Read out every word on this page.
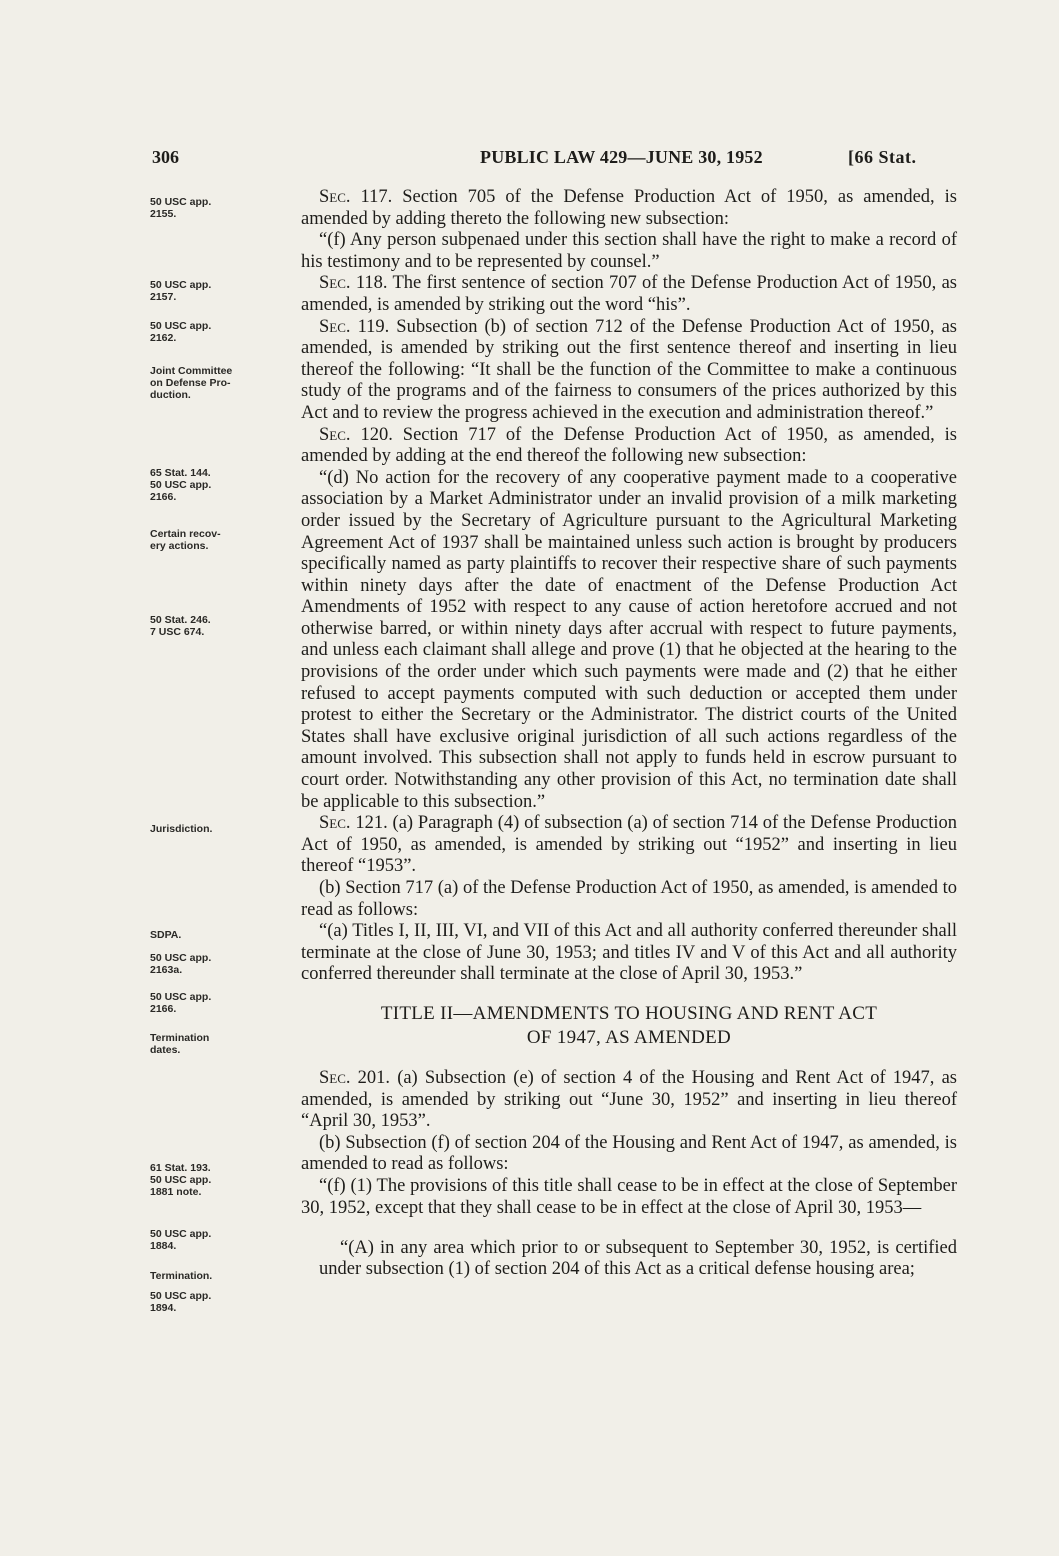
306	PUBLIC LAW 429—JUNE 30, 1952	[66 Stat.
50 USC app.
2155.
50 USC app.
2157.
50 USC app.
2162.
Joint Committee
on Defense Pro-
duction.
65 Stat. 144.
50 USC app.
2166.
Certain recov-
ery actions.
50 Stat. 246.
7 USC 674.
Jurisdiction.
SDPA.
50 USC app.
2163a.
50 USC app.
2166.
Termination
dates.
61 Stat. 193.
50 USC app.
1881 note.
50 USC app.
1884.
Termination.
50 USC app.
1894.

Sec. 117. Section 705 of the Defense Production Act of 1950, as amended, is amended by adding thereto the following new subsection:

“(f) Any person subpenaed under this section shall have the right to make a record of his testimony and to be represented by counsel.”

Sec. 118. The first sentence of section 707 of the Defense Production Act of 1950, as amended, is amended by striking out the word “his”.

Sec. 119. Subsection (b) of section 712 of the Defense Production Act of 1950, as amended, is amended by striking out the first sentence thereof and inserting in lieu thereof the following: “It shall be the function of the Committee to make a continuous study of the programs and of the fairness to consumers of the prices authorized by this Act and to review the progress achieved in the execution and administration thereof.”

Sec. 120. Section 717 of the Defense Production Act of 1950, as amended, is amended by adding at the end thereof the following new subsection:

“(d) No action for the recovery of any cooperative payment made to a cooperative association by a Market Administrator under an invalid provision of a milk marketing order issued by the Secretary of Agriculture pursuant to the Agricultural Marketing Agreement Act of 1937 shall be maintained unless such action is brought by producers specifically named as party plaintiffs to recover their respective share of such payments within ninety days after the date of enactment of the Defense Production Act Amendments of 1952 with respect to any cause of action heretofore accrued and not otherwise barred, or within ninety days after accrual with respect to future payments, and unless each claimant shall allege and prove (1) that he objected at the hearing to the provisions of the order under which such payments were made and (2) that he either refused to accept payments computed with such deduction or accepted them under protest to either the Secretary or the Administrator. The district courts of the United States shall have exclusive original jurisdiction of all such actions regardless of the amount involved. This subsection shall not apply to funds held in escrow pursuant to court order. Notwithstanding any other provision of this Act, no termination date shall be applicable to this subsection.”

Sec. 121. (a) Paragraph (4) of subsection (a) of section 714 of the Defense Production Act of 1950, as amended, is amended by striking out “1952” and inserting in lieu thereof “1953”.

(b) Section 717 (a) of the Defense Production Act of 1950, as amended, is amended to read as follows:

“(a) Titles I, II, III, VI, and VII of this Act and all authority conferred thereunder shall terminate at the close of June 30, 1953; and titles IV and V of this Act and all authority conferred thereunder shall terminate at the close of April 30, 1953.”

TITLE II—AMENDMENTS TO HOUSING AND RENT ACT
OF 1947, AS AMENDED

Sec. 201. (a) Subsection (e) of section 4 of the Housing and Rent Act of 1947, as amended, is amended by striking out “June 30, 1952” and inserting in lieu thereof “April 30, 1953”.

(b) Subsection (f) of section 204 of the Housing and Rent Act of 1947, as amended, is amended to read as follows:

“(f) (1) The provisions of this title shall cease to be in effect at the close of September 30, 1952, except that they shall cease to be in effect at the close of April 30, 1953—

“(A) in any area which prior to or subsequent to September 30, 1952, is certified under subsection (1) of section 204 of this Act as a critical defense housing area;
